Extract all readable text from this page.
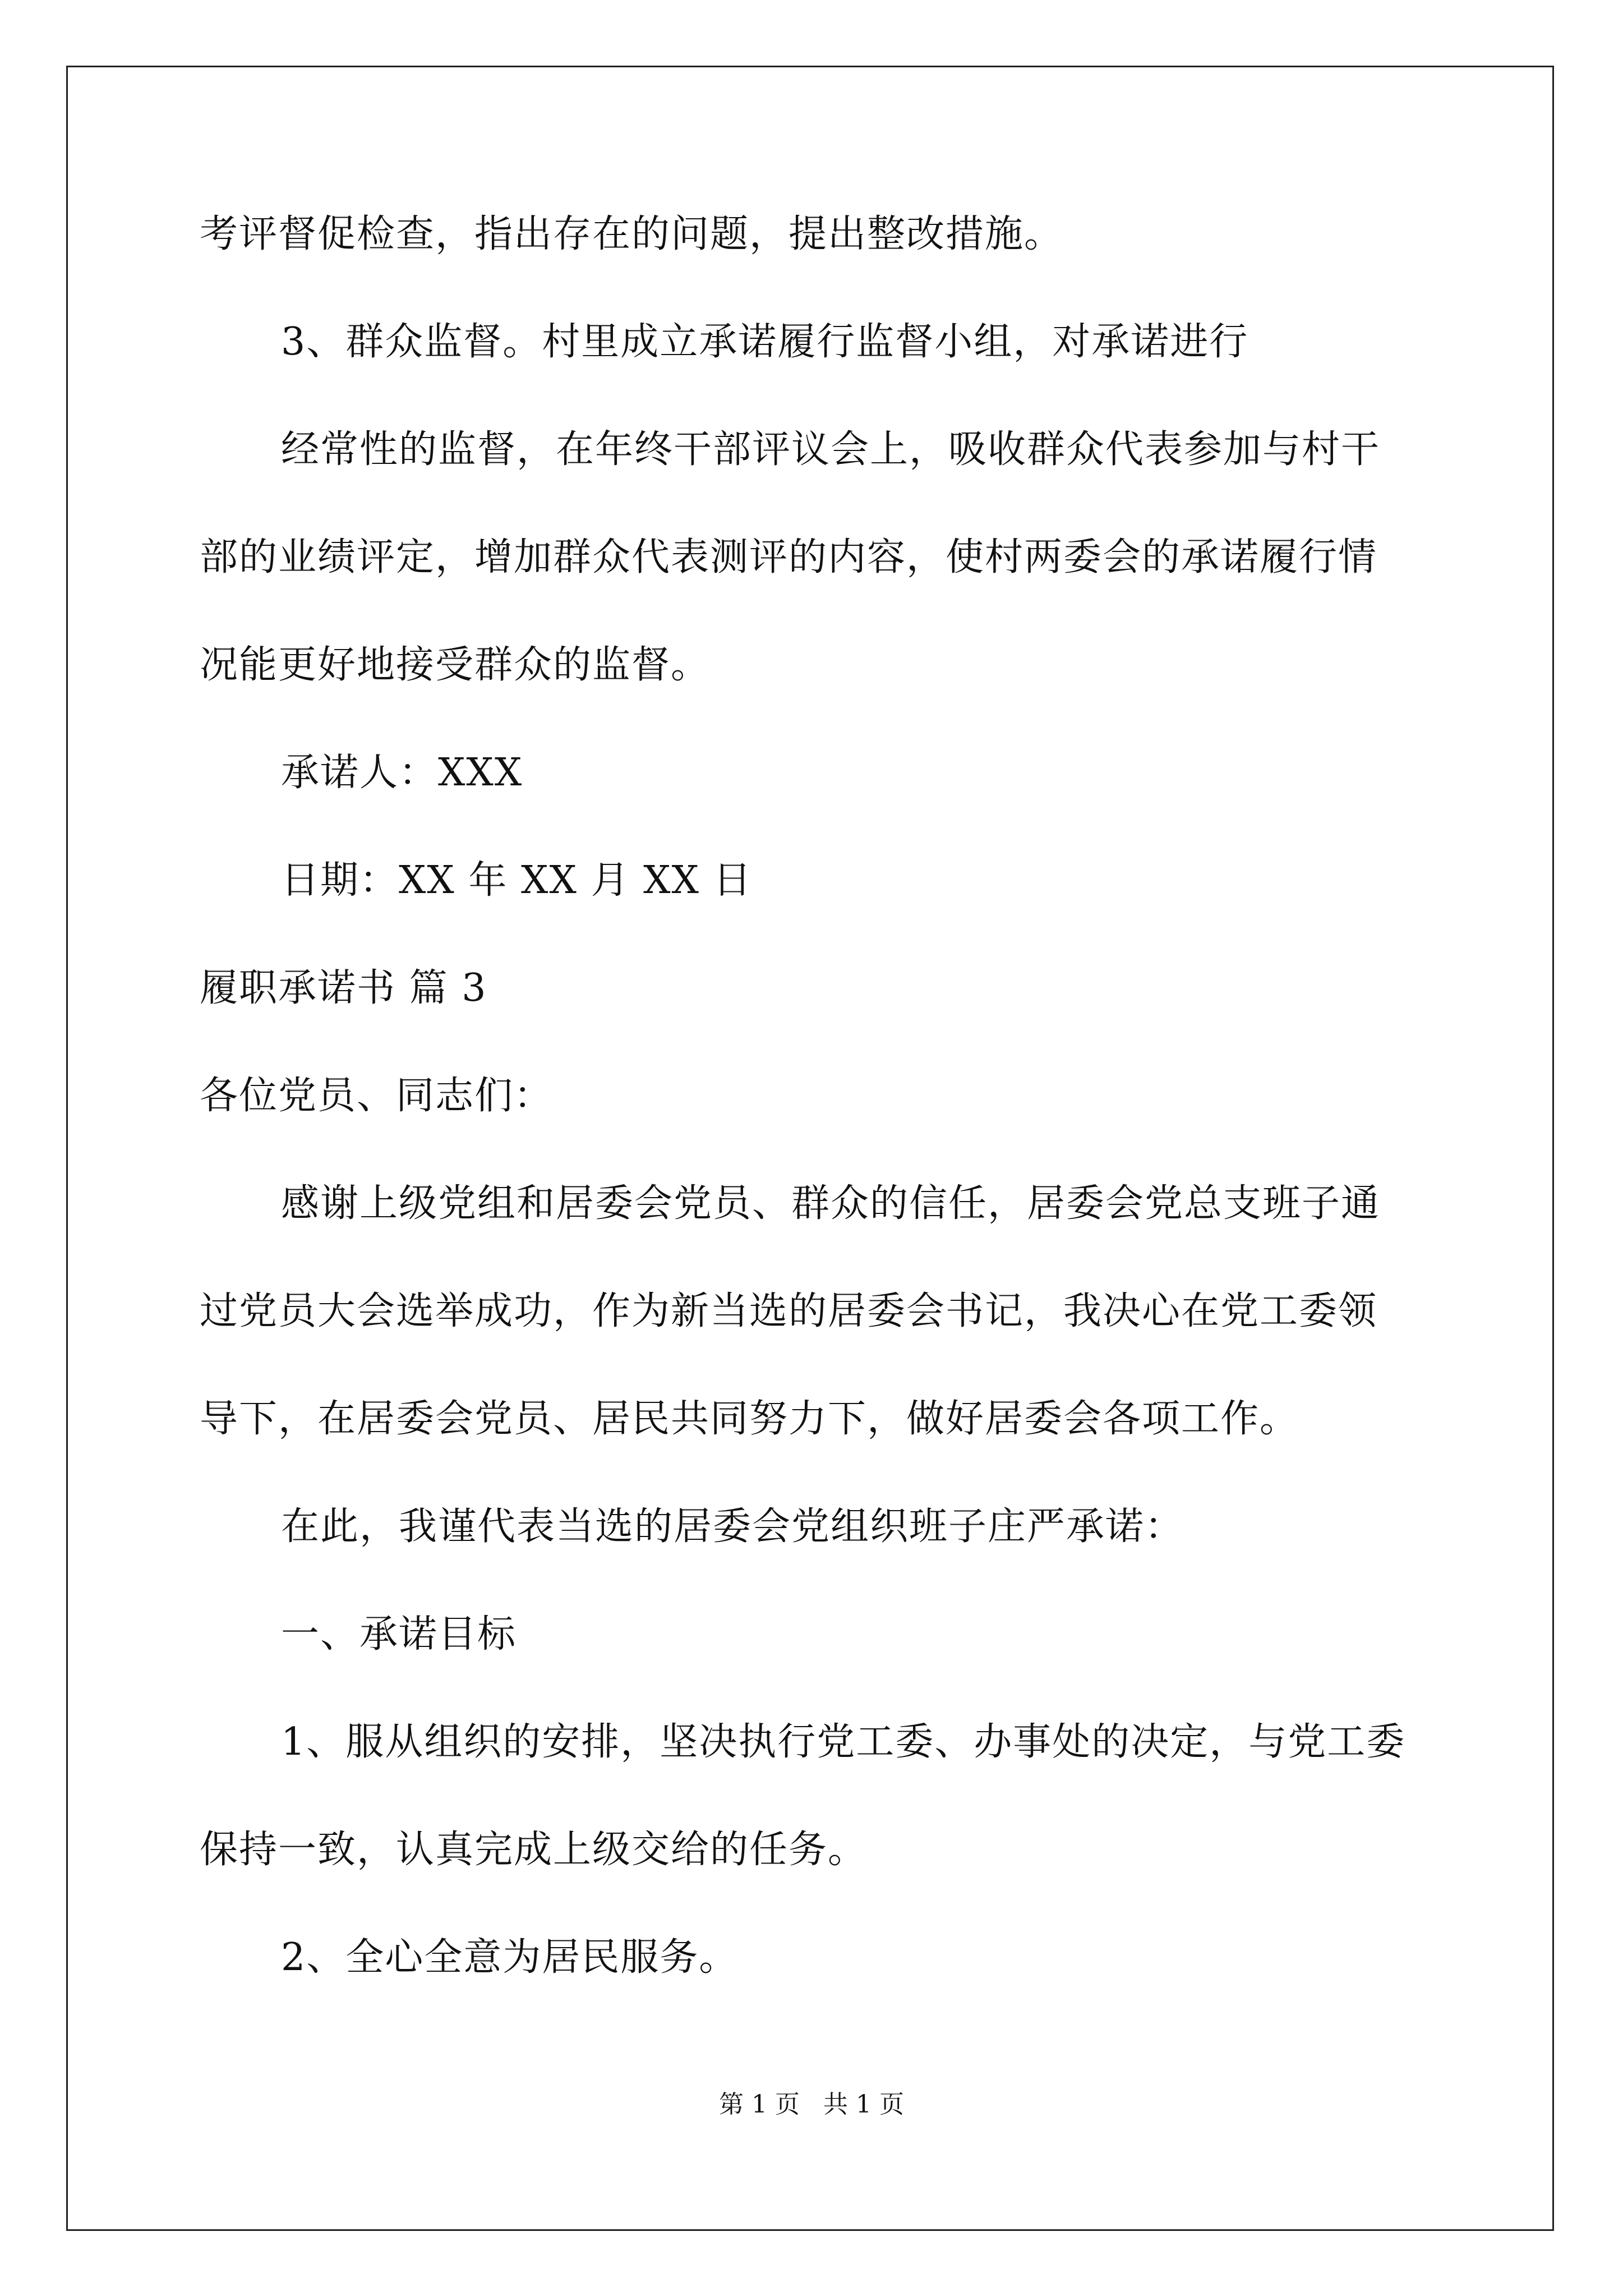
考评督促检查，指出存在的问题，提出整改措施。
3、群众监督。村里成立承诺履行监督小组，对承诺进行
经常性的监督，在年终干部评议会上，吸收群众代表参加与村干
部的业绩评定，增加群众代表测评的内容，使村两委会的承诺履行情
况能更好地接受群众的监督。
承诺人：XXX
日期：XX 年 XX 月 XX 日
履职承诺书 篇 3
各位党员、同志们：
感谢上级党组和居委会党员、群众的信任，居委会党总支班子通
过党员大会选举成功，作为新当选的居委会书记，我决心在党工委领
导下，在居委会党员、居民共同努力下，做好居委会各项工作。
在此，我谨代表当选的居委会党组织班子庄严承诺：
一、承诺目标
1、服从组织的安排，坚决执行党工委、办事处的决定，与党工委
保持一致，认真完成上级交给的任务。
2、全心全意为居民服务。
第 1 页   共 1 页
